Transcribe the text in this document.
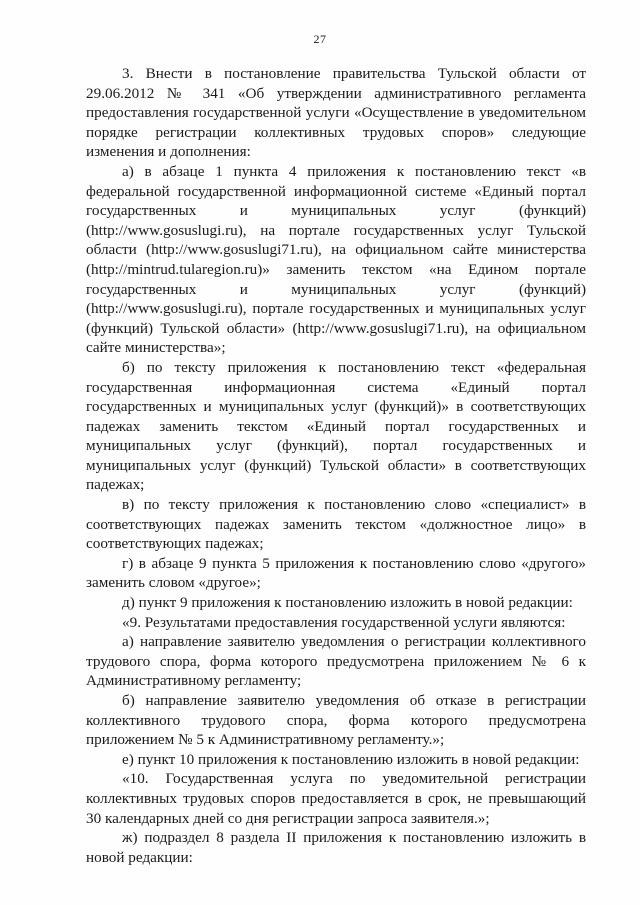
27

3. Внести в постановление правительства Тульской области от 29.06.2012 № 341 «Об утверждении административного регламента предоставления государственной услуги «Осуществление в уведомительном порядке регистрации коллективных трудовых споров» следующие изменения и дополнения:

а) в абзаце 1 пункта 4 приложения к постановлению текст «в федеральной государственной информационной системе «Единый портал государственных и муниципальных услуг (функций) (http://www.gosuslugi.ru), на портале государственных услуг Тульской области (http://www.gosuslugi71.ru), на официальном сайте министерства (http://mintrud.tularegion.ru)» заменить текстом «на Едином портале государственных и муниципальных услуг (функций) (http://www.gosuslugi.ru), портале государственных и муниципальных услуг (функций) Тульской области» (http://www.gosuslugi71.ru), на официальном сайте министерства»;

б) по тексту приложения к постановлению текст «федеральная государственная информационная система «Единый портал государственных и муниципальных услуг (функций)» в соответствующих падежах заменить текстом «Единый портал государственных и муниципальных услуг (функций), портал государственных и муниципальных услуг (функций) Тульской области» в соответствующих падежах;

в) по тексту приложения к постановлению слово «специалист» в соответствующих падежах заменить текстом «должностное лицо» в соответствующих падежах;

г) в абзаце 9 пункта 5 приложения к постановлению слово «другого» заменить словом «другое»;

д) пункт 9 приложения к постановлению изложить в новой редакции:

«9. Результатами предоставления государственной услуги являются:

а) направление заявителю уведомления о регистрации коллективного трудового спора, форма которого предусмотрена приложением № 6 к Административному регламенту;

б) направление заявителю уведомления об отказе в регистрации коллективного трудового спора, форма которого предусмотрена приложением № 5 к Административному регламенту.»;

е) пункт 10 приложения к постановлению изложить в новой редакции:

«10. Государственная услуга по уведомительной регистрации коллективных трудовых споров предоставляется в срок, не превышающий 30 календарных дней со дня регистрации запроса заявителя.»;

ж) подраздел 8 раздела II приложения к постановлению изложить в новой редакции:
